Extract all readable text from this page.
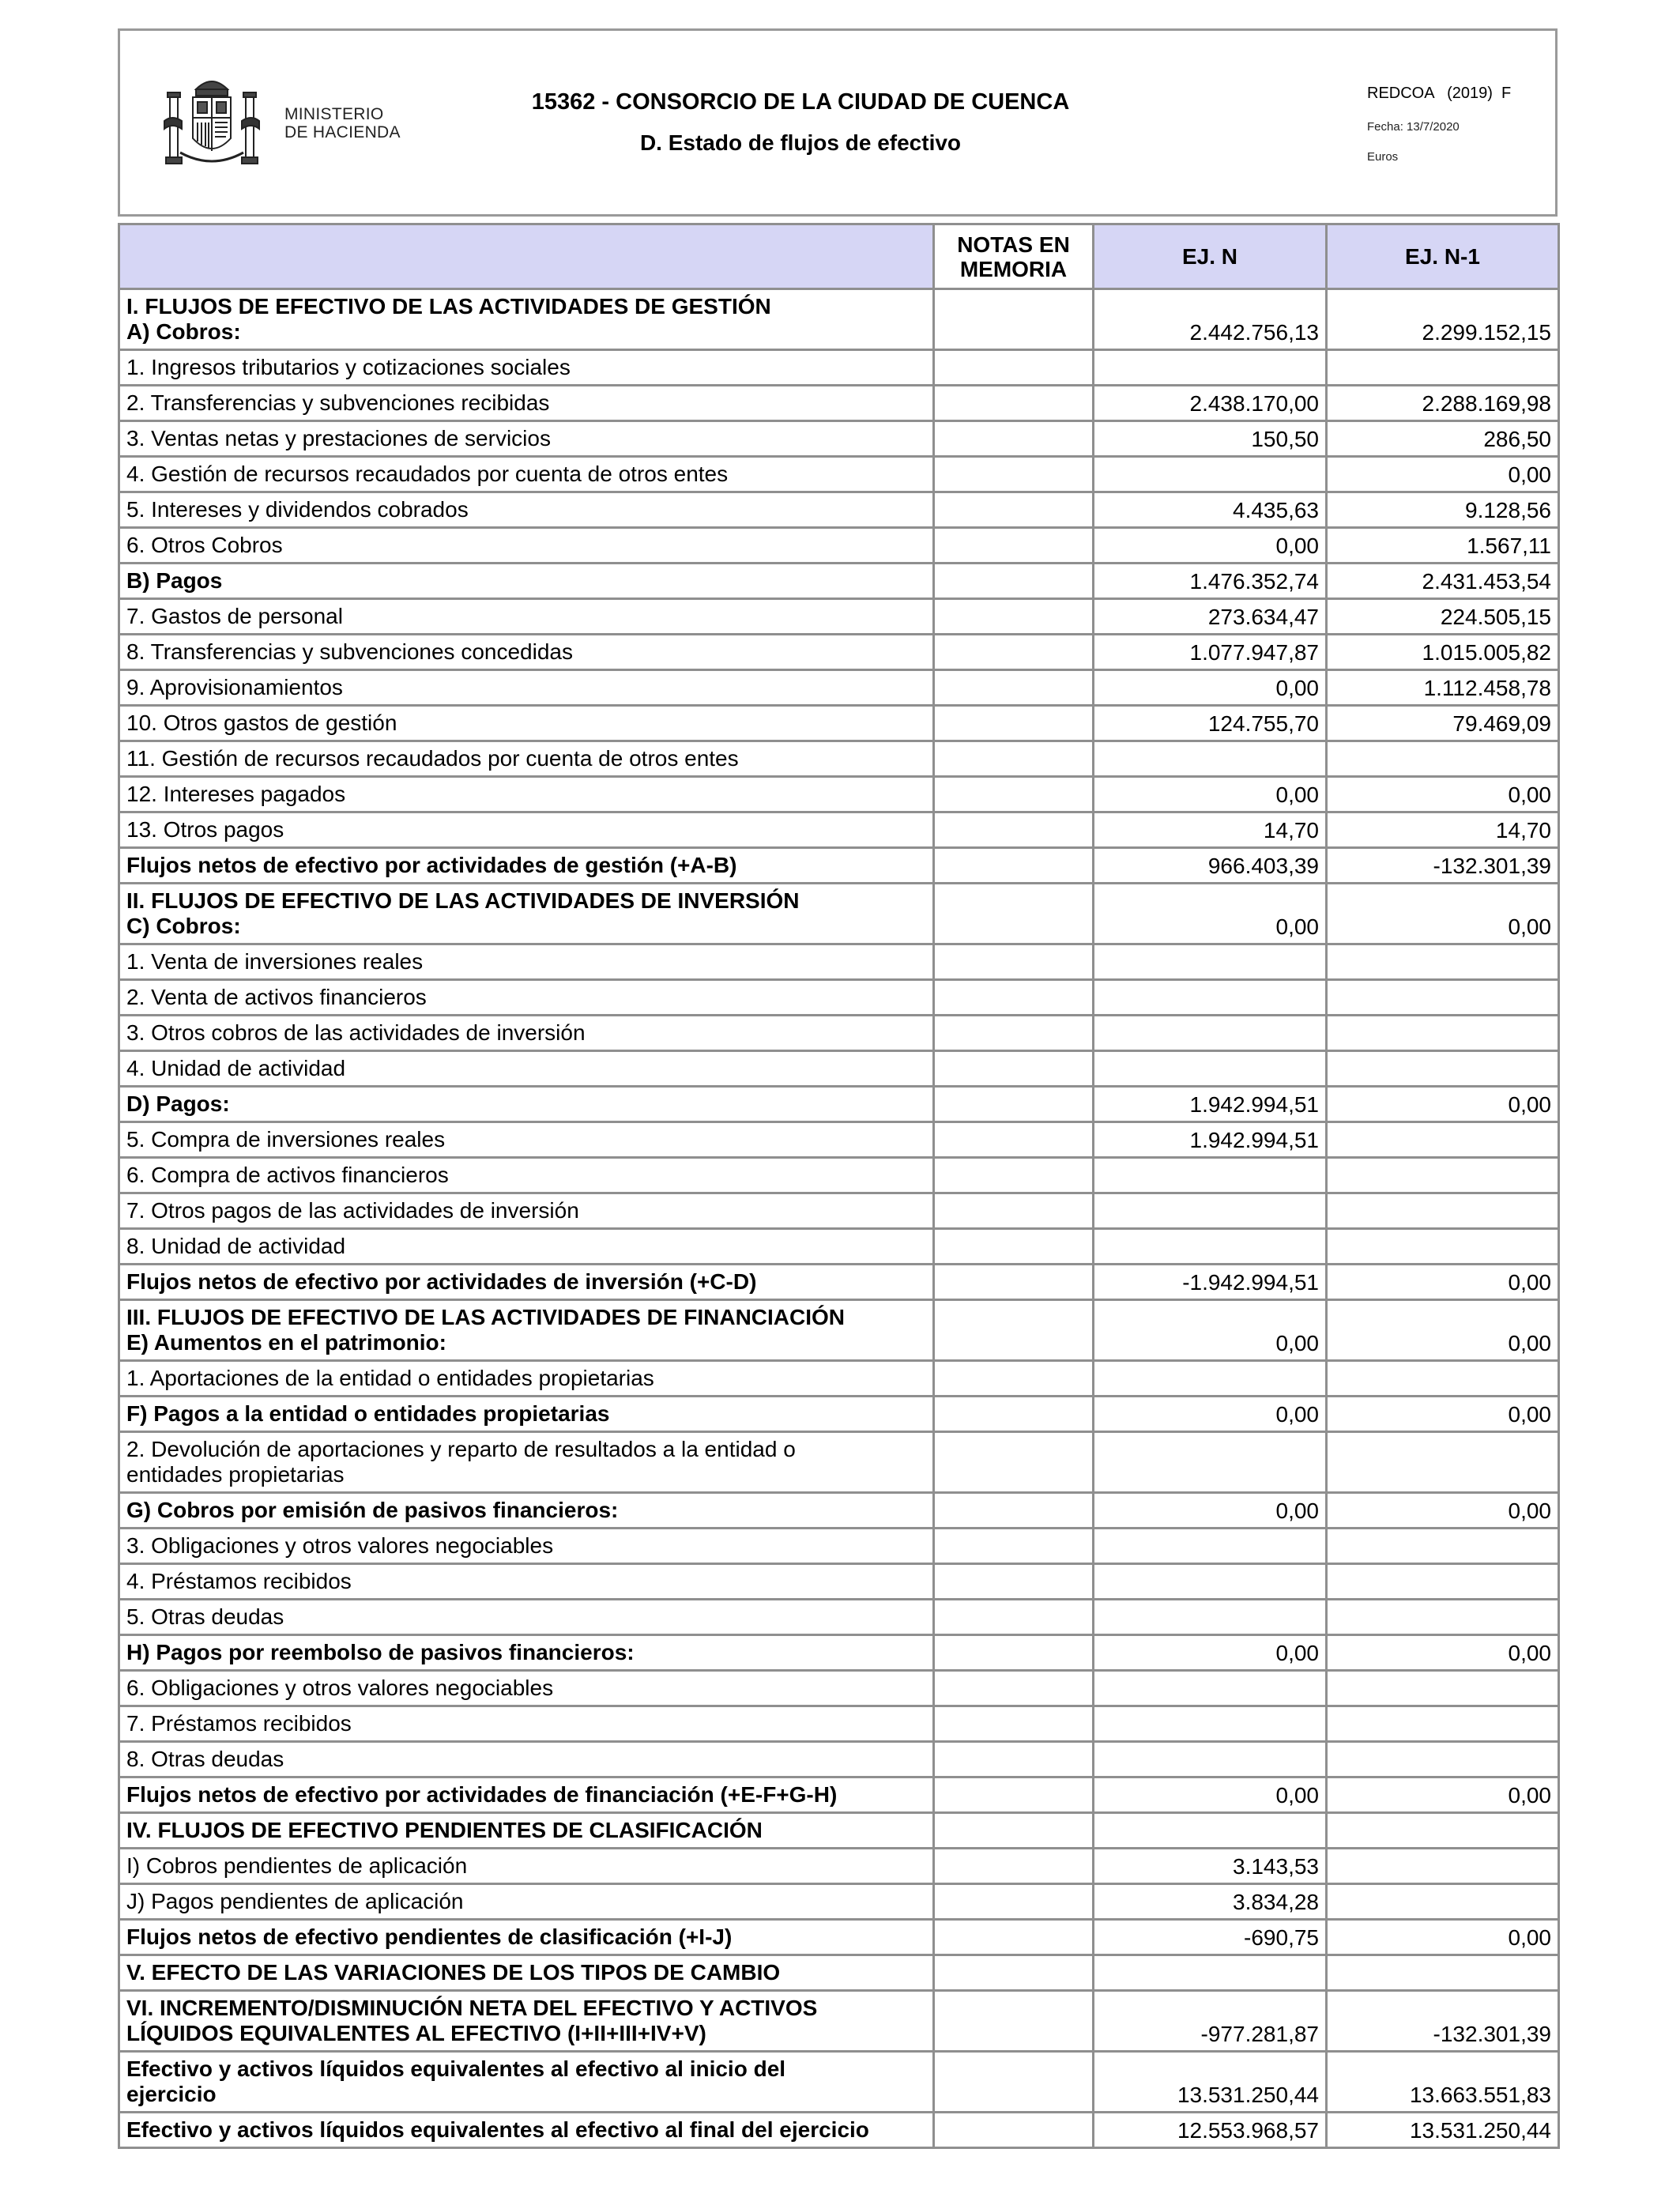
MINISTERIO
DE HACIENDA
15362 - CONSORCIO DE LA CIUDAD DE CUENCA
D. Estado de flujos de efectivo
REDCOA   (2019)  F
Fecha: 13/7/2020
Euros
	NOTAS EN MEMORIA	EJ. N	EJ. N-1

I. FLUJOS DE EFECTIVO DE LAS ACTIVIDADES DE GESTIÓN
A) Cobros:		2.442.756,13	2.299.152,15

1. Ingresos tributarios y cotizaciones sociales			

2. Transferencias y subvenciones recibidas		2.438.170,00	2.288.169,98

3. Ventas netas y prestaciones de servicios		150,50	286,50

4. Gestión de recursos recaudados por cuenta de otros entes			0,00

5. Intereses y dividendos cobrados		4.435,63	9.128,56

6. Otros Cobros		0,00	1.567,11

B) Pagos		1.476.352,74	2.431.453,54

7. Gastos de personal		273.634,47	224.505,15

8. Transferencias y subvenciones concedidas		1.077.947,87	1.015.005,82

9. Aprovisionamientos		0,00	1.112.458,78

10. Otros gastos de gestión		124.755,70	79.469,09

11. Gestión de recursos recaudados por cuenta de otros entes			

12. Intereses pagados		0,00	0,00

13. Otros pagos		14,70	14,70

Flujos netos de efectivo por actividades de gestión (+A-B)		966.403,39	-132.301,39

II. FLUJOS DE EFECTIVO DE LAS ACTIVIDADES DE INVERSIÓN
C) Cobros:		0,00	0,00

1. Venta de inversiones reales			

2. Venta de activos financieros			

3. Otros cobros de las actividades de inversión			

4. Unidad de actividad			

D) Pagos:		1.942.994,51	0,00

5. Compra de inversiones reales		1.942.994,51	

6. Compra de activos financieros			

7. Otros pagos de las actividades de inversión			

8. Unidad de actividad			

Flujos netos de efectivo por actividades de inversión (+C-D)		-1.942.994,51	0,00

III. FLUJOS DE EFECTIVO DE LAS ACTIVIDADES DE FINANCIACIÓN
E) Aumentos en el patrimonio:		0,00	0,00

1. Aportaciones de la entidad o entidades propietarias			

F) Pagos a la entidad o entidades propietarias		0,00	0,00

2. Devolución de aportaciones y reparto de resultados a la entidad o
entidades propietarias			

G) Cobros por emisión de pasivos financieros:		0,00	0,00

3. Obligaciones y otros valores negociables			

4. Préstamos recibidos			

5. Otras deudas			

H) Pagos por reembolso de pasivos financieros:		0,00	0,00

6. Obligaciones y otros valores negociables			

7. Préstamos recibidos			

8. Otras deudas			

Flujos netos de efectivo por actividades de financiación (+E-F+G-H)		0,00	0,00

IV. FLUJOS DE EFECTIVO PENDIENTES DE CLASIFICACIÓN			

I) Cobros pendientes de aplicación		3.143,53	

J) Pagos pendientes de aplicación		3.834,28	

Flujos netos de efectivo pendientes de clasificación (+I-J)		-690,75	0,00

V. EFECTO DE LAS VARIACIONES DE LOS TIPOS DE CAMBIO			

VI. INCREMENTO/DISMINUCIÓN NETA DEL EFECTIVO Y ACTIVOS
LÍQUIDOS EQUIVALENTES AL EFECTIVO (I+II+III+IV+V)		-977.281,87	-132.301,39

Efectivo y activos líquidos equivalentes al efectivo al inicio del
ejercicio		13.531.250,44	13.663.551,83

Efectivo y activos líquidos equivalentes al efectivo al final del ejercicio		12.553.968,57	13.531.250,44
